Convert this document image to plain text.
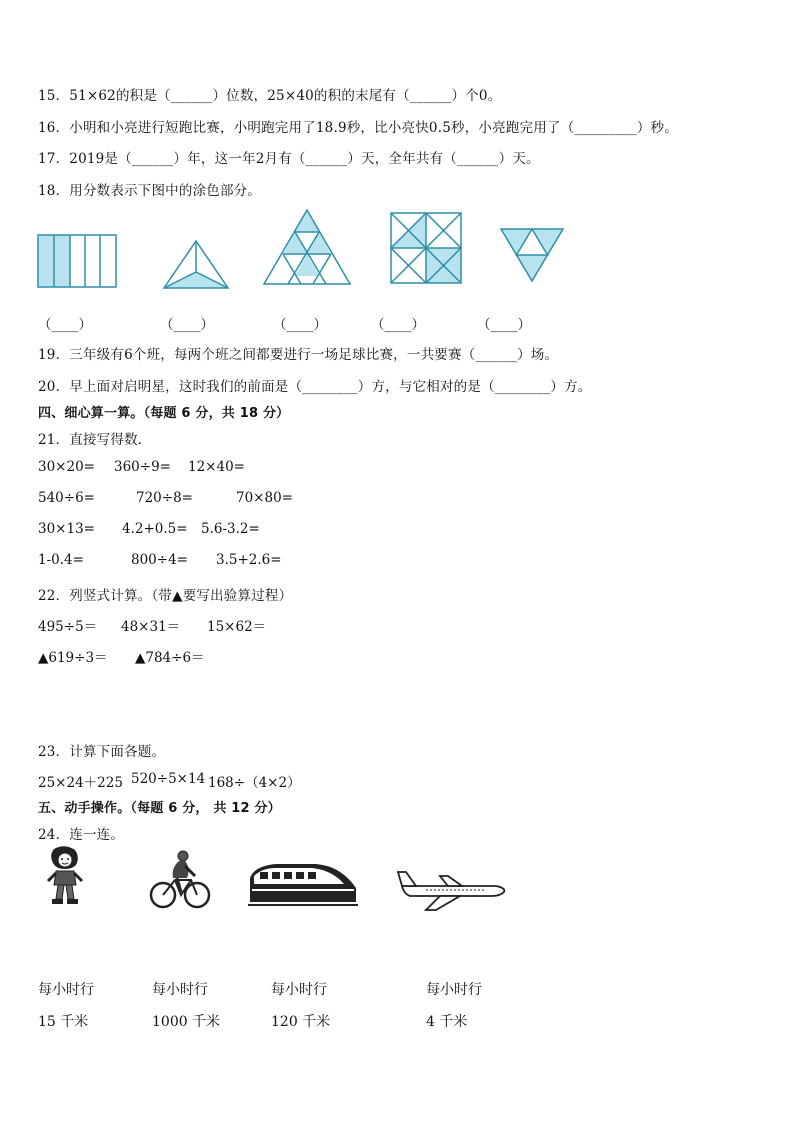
15．51×62的积是（______）位数，25×40的积的末尾有（______）个0。
16．小明和小亮进行短跑比赛，小明跑完用了18.9秒，比小亮快0.5秒，小亮跑完用了（_________）秒。
17．2019是（______）年，这一年2月有（______）天，全年共有（______）天。
18．用分数表示下图中的涂色部分。
（____）	（____）	（____）	（____）	（____）
19．三年级有6个班，每两个班之间都要进行一场足球比赛，一共要赛（______）场。
20．早上面对启明星，这时我们的前面是（________）方，与它相对的是（________）方。
四、细心算一算。（每题 6 分，共 18 分）
21．直接写得数．
30×20= 360÷9= 12×40=
540÷6=	720÷8=	70×80=
30×13= 4.2+0.5= 5.6-3.2=
1-0.4=	800÷4= 3.5+2.6=
22．列竖式计算。（带▲要写出验算过程）
495÷5＝ 48×31＝ 15×62＝
▲619÷3＝ ▲784÷6＝
23．计算下面各题。
25×24＋225 520÷5×14 168÷（4×2）
五、动手操作。（每题 6 分， 共 12 分）
24．连一连。
每小时行	每小时行	每小时行	每小时行
15 千米	1000 千米	120 千米	4 千米
